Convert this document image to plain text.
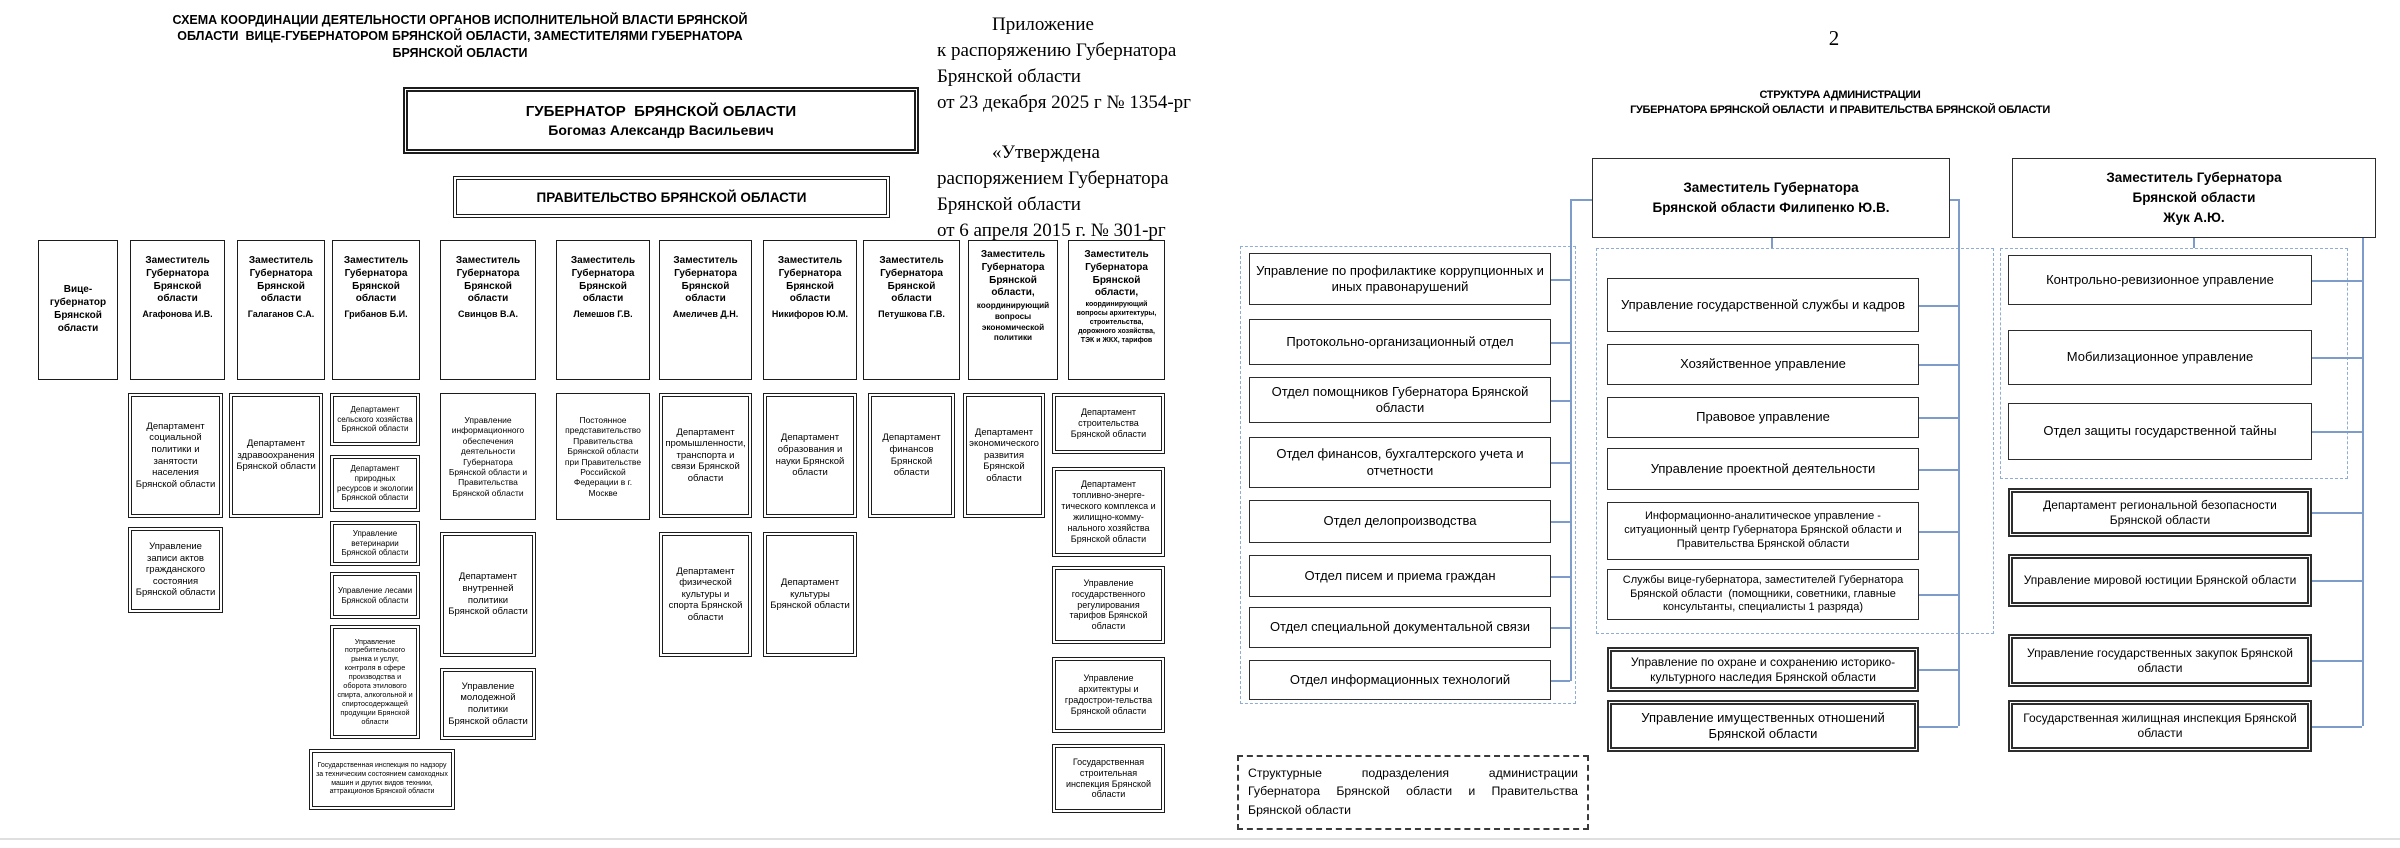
СХЕМА КООРДИНАЦИИ ДЕЯТЕЛЬНОСТИ ОРГАНОВ ИСПОЛНИТЕЛЬНОЙ ВЛАСТИ БРЯНСКОЙ
ОБЛАСТИ  ВИЦЕ-ГУБЕРНАТОРОМ БРЯНСКОЙ ОБЛАСТИ, ЗАМЕСТИТЕЛЯМИ ГУБЕРНАТОРА
БРЯНСКОЙ ОБЛАСТИ
ГУБЕРНАТОР  БРЯНСКОЙ ОБЛАСТИ
Богомаз Александр Васильевич
ПРАВИТЕЛЬСТВО БРЯНСКОЙ ОБЛАСТИ
Вице-губернатор Брянской области
Заместитель Губернатора Брянской области
Агафонова И.В.
Заместитель Губернатора Брянской области
Галаганов С.А.
Заместитель Губернатора Брянской области
Грибанов Б.И.
Заместитель Губернатора Брянской области
Свинцов В.А.
Заместитель Губернатора Брянской области
Лемешов Г.В.
Заместитель Губернатора Брянской области
Амеличев Д.Н.
Заместитель Губернатора Брянской области
Никифоров Ю.М.
Заместитель Губернатора Брянской области
Петушкова Г.В.
Заместитель Губернатора Брянской области,
координирующий вопросы экономической политики
Заместитель Губернатора Брянской области,
координирующий вопросы архитектуры, строительства, дорожного хозяйства, ТЭК и ЖКХ, тарифов
Департамент социальной политики и занятости населения Брянской области
Управление записи актов гражданского состояния Брянской области
Департамент здравоохранения Брянской области
Департамент сельского хозяйства Брянской области
Департамент природных ресурсов и экологии Брянской области
Управление ветеринарии Брянской области
Управление лесами Брянской области
Управление потребительского рынка и услуг, контроля в сфере производства и оборота этилового спирта, алкогольной и спиртосодержащей продукции Брянской области
Управление информационного обеспечения деятельности Губернатора Брянской области и Правительства Брянской области
Департамент внутренней политики Брянской области
Управление молодежной политики Брянской области
Постоянное представительство Правительства Брянской области при Правительстве Российской Федерации в г. Москве
Департамент промышленности, транспорта и связи Брянской области
Департамент физической культуры и спорта Брянской области
Департамент образования и науки Брянской области
Департамент культуры Брянской области
Департамент финансов Брянской области
Департамент экономического развития Брянской области
Департамент строительства Брянской области
Департамент топливно-энерге-тического комплекса и жилищно-комму-нального хозяйства Брянской области
Управление государственного регулирования тарифов Брянской области
Управление архитектуры и градострои-тельства Брянской области
Государственная строительная инспекция Брянской области
Государственная инспекция по надзору за техническим состоянием самоходных машин и других видов техники, аттракционов Брянской области
Приложение
к распоряжению Губернатора
Брянской области
от 23 декабря 2025 г № 1354-рг
«Утверждена
распоряжением Губернатора
Брянской области
от 6 апреля 2015 г. № 301-рг
2
СТРУКТУРА АДМИНИСТРАЦИИ
ГУБЕРНАТОРА БРЯНСКОЙ ОБЛАСТИ  И ПРАВИТЕЛЬСТВА БРЯНСКОЙ ОБЛАСТИ
Заместитель Губернатора
Брянской области Филипенко Ю.В.
Заместитель Губернатора
Брянской области
Жук А.Ю.
Управление по профилактике коррупционных и иных правонарушений
Протокольно-организационный отдел
Отдел помощников Губернатора Брянской области
Отдел финансов, бухгалтерского учета и отчетности
Отдел делопроизводства
Отдел писем и приема граждан
Отдел специальной документальной связи
Отдел информационных технологий
Управление государственной службы и кадров
Хозяйственное управление
Правовое управление
Управление проектной деятельности
Информационно-аналитическое управление - ситуационный центр Губернатора Брянской области и Правительства Брянской области
Службы вице-губернатора, заместителей Губернатора Брянской области  (помощники, советники, главные консультанты, специалисты 1 разряда)
Управление по охране и сохранению историко-культурного наследия Брянской области
Управление имущественных отношений Брянской области
Контрольно-ревизионное управление
Мобилизационное управление
Отдел защиты государственной тайны
Департамент региональной безопасности Брянской области
Управление мировой юстиции Брянской области
Управление государственных закупок Брянской области
Государственная жилищная инспекция Брянской области
Структурные подразделения администрации Губернатора Брянской области и Правительства Брянской области
